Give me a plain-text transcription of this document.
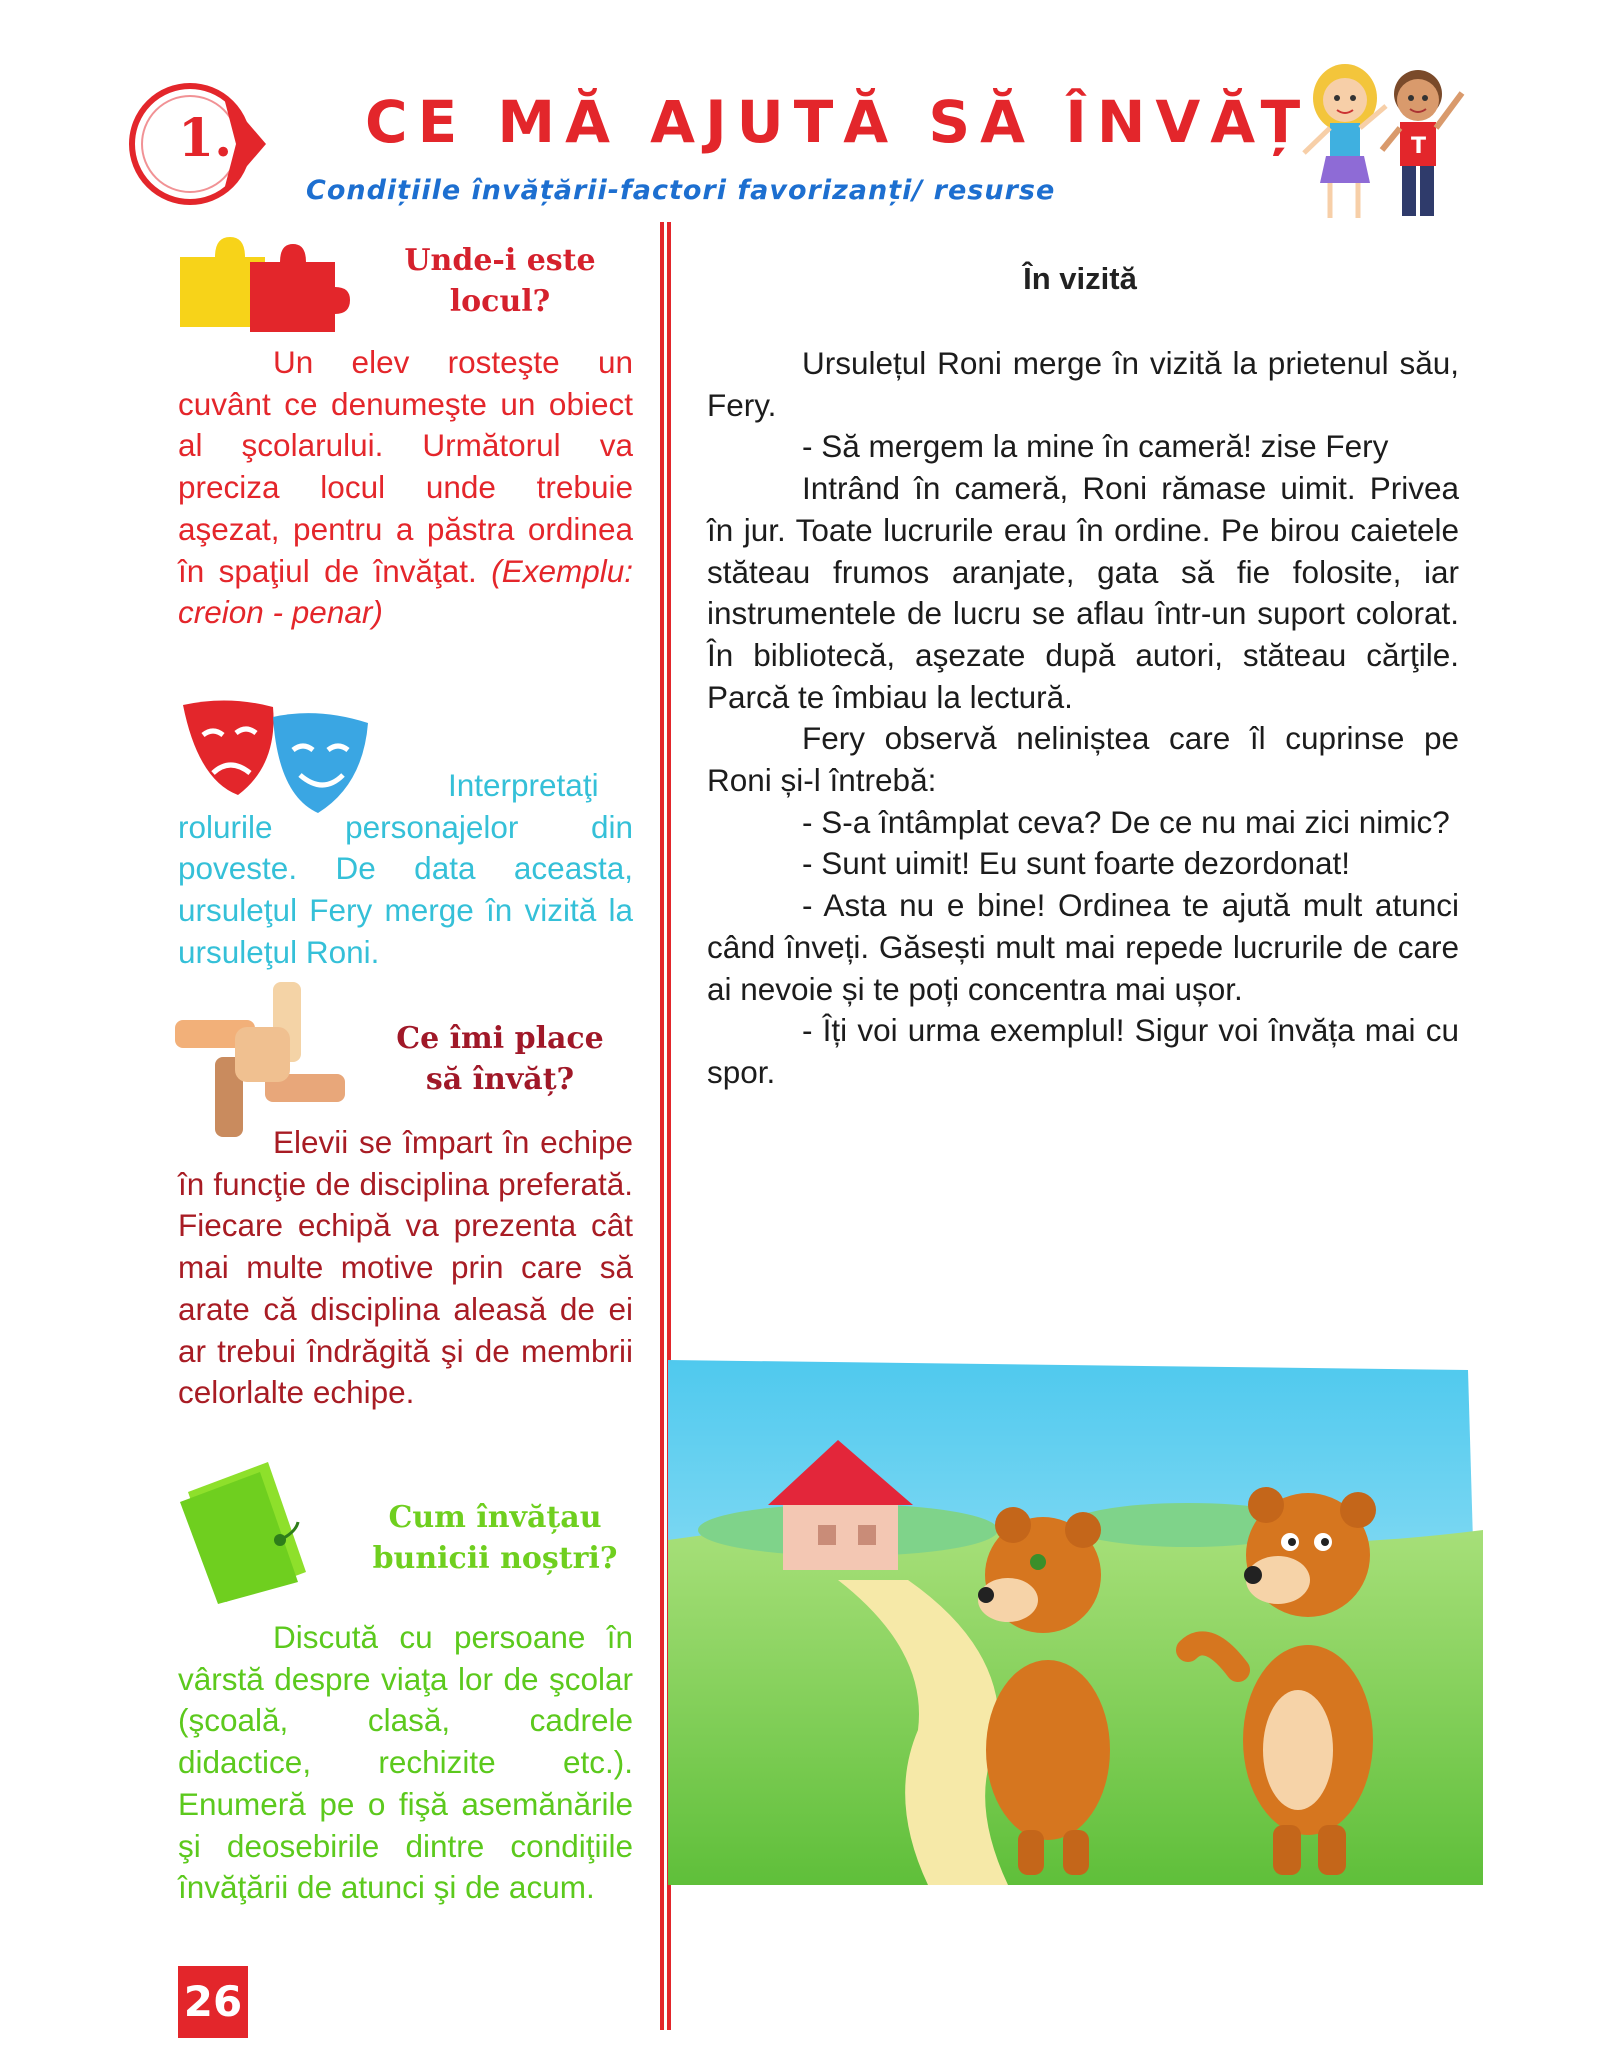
1.	CE MĂ AJUTĂ SĂ ÎNVĂȚ
Condițiile învățării-factori favorizanți/ resurse
T
Unde-i este locul?

Un elev rosteşte un cuvânt ce denumeşte un obiect al şcolarului. Următorul va preciza locul unde trebuie aşezat, pentru a păstra ordinea în spaţiul de învăţat. (Exemplu: creion - penar)

Interpretaţi rolurile personajelor din poveste. De data aceasta, ursuleţul Fery merge în vizită la ursuleţul Roni.

Ce îmi place să învăț?

Elevii se împart în echipe în funcţie de disciplina preferată. Fiecare echipă va prezenta cât mai multe motive prin care să arate că disciplina aleasă de ei ar trebui îndrăgită şi de membrii celorlalte echipe.

Cum învățau bunicii noștri?

Discută cu persoane în vârstă despre viaţa lor de şcolar (şcoală, clasă, cadrele didactice, rechizite etc.). Enumeră pe o fişă asemănările şi deosebirile dintre condiţiile învăţării de atunci şi de acum.

26
În vizită

Ursulețul Roni merge în vizită la prietenul său, Fery.

- Să mergem la mine în cameră! zise Fery

Intrând în cameră, Roni rămase uimit. Privea în jur. Toate lucrurile erau în ordine. Pe birou caietele stăteau frumos aranjate, gata să fie folosite, iar instrumentele de lucru se aflau într-un suport colorat. În bibliotecă, aşezate după autori, stăteau cărţile. Parcă te îmbiau la lectură.

Fery observă neliniștea care îl cuprinse pe Roni și-l întrebă:

- S-a întâmplat ceva? De ce nu mai zici nimic?

- Sunt uimit! Eu sunt foarte dezordonat!

- Asta nu e bine! Ordinea te ajută mult atunci când înveți. Găsești mult mai repede lucrurile de care ai nevoie și te poți concentra mai ușor.

- Îți voi urma exemplul! Sigur voi învăța mai cu spor.
